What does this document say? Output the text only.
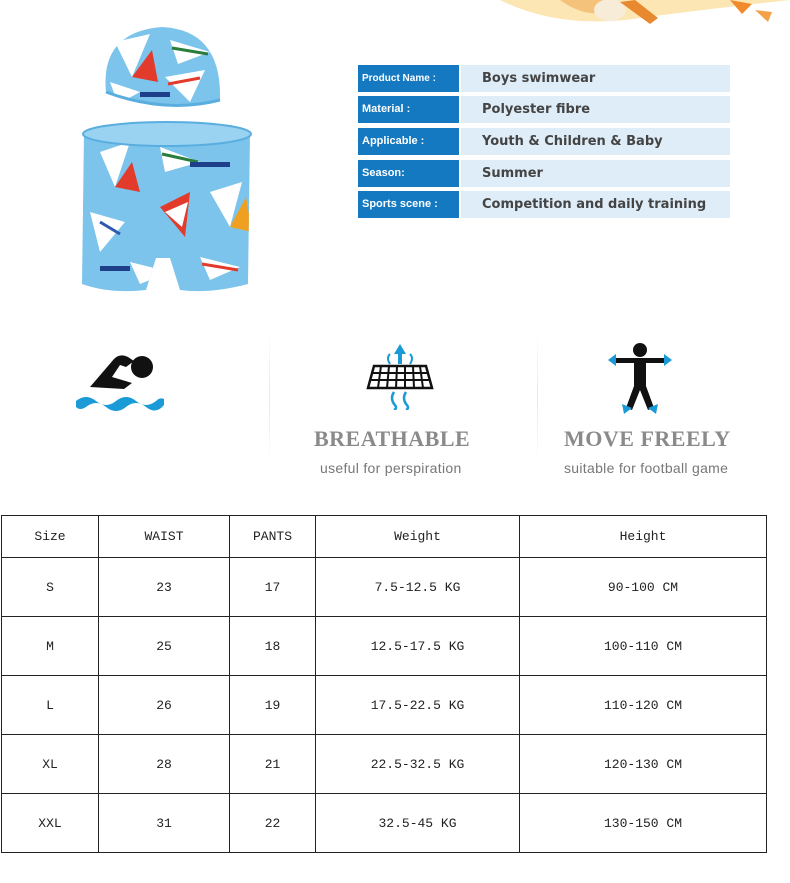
Product Name :	Boys swimwear
Material :	Polyester fibre
Applicable :	Youth & Children & Baby
Season:	Summer
Sports scene :	Competition and daily training
BREATHABLE
useful for perspiration
MOVE FREELY
suitable for football game
Size	WAIST	PANTS	Weight	Height
S	23	17	7.5-12.5 KG	90-100 CM
M	25	18	12.5-17.5 KG	100-110 CM
L	26	19	17.5-22.5 KG	110-120 CM
XL	28	21	22.5-32.5 KG	120-130 CM
XXL	31	22	32.5-45 KG	130-150 CM
